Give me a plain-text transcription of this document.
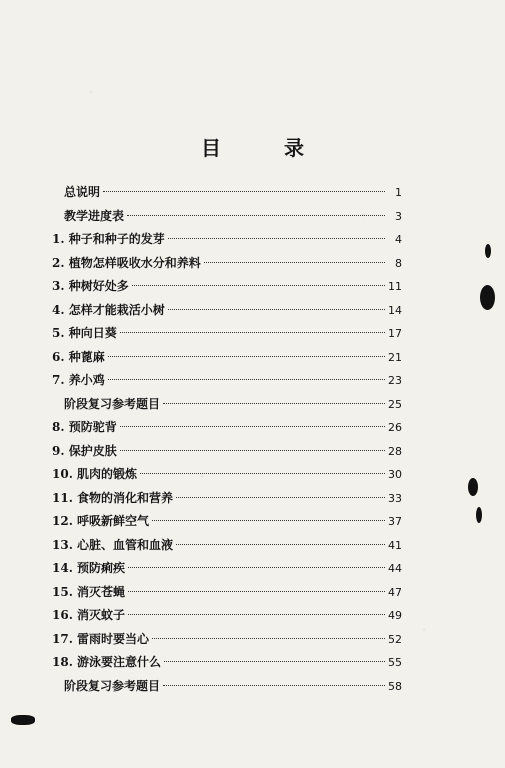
目 录
总说明	1
教学进度表	3
1. 种子和种子的发芽	4
2. 植物怎样吸收水分和养料	8
3. 种树好处多	11
4. 怎样才能栽活小树	14
5. 种向日葵	17
6. 种蓖麻	21
7. 养小鸡	23
阶段复习参考题目	25
8. 预防驼背	26
9. 保护皮肤	28
10. 肌肉的锻炼	30
11. 食物的消化和营养	33
12. 呼吸新鲜空气	37
13. 心脏、血管和血液	41
14. 预防痢疾	44
15. 消灭苍蝇	47
16. 消灭蚊子	49
17. 雷雨时要当心	52
18. 游泳要注意什么	55
阶段复习参考题目	58
